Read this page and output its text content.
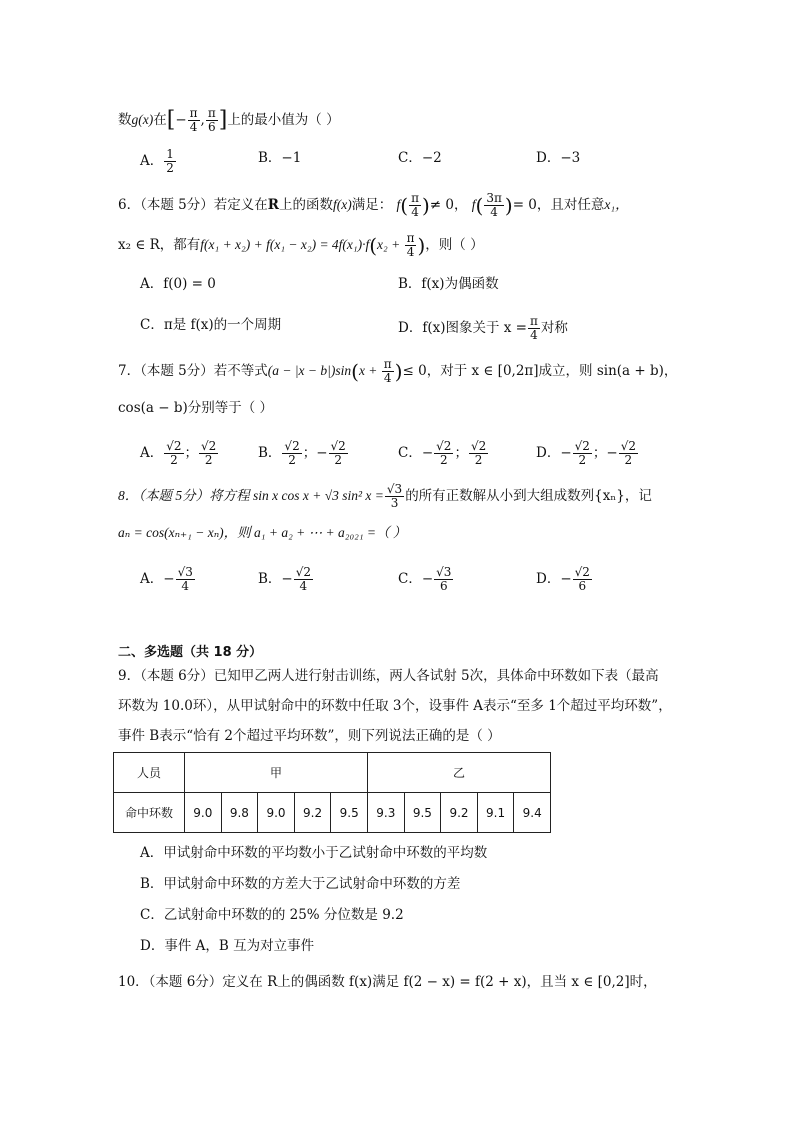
数g(x)在[− $\frac{\pi}{4}$ , $\frac{\pi}{6}$ ]上的最小值为（ ）
A． $\frac{1}{2}$	B．−1	C．−2	D．−3
6．（本题 5分）若定义在R上的函数f(x)满足： $f( \frac{\pi}{4}$ )≠ 0， $f( \frac{3\pi}{4}$ )= 0，且对任意x₁，
x₂ ∈ R，都有$f(x_1 + x_2) + f(x_1 - x_2) = 4f(x_1)\cdot f(x_2 + \frac{\pi}{4}$ )，则（ ）
A．f(0) = 0	B．f(x)为偶函数
C．π是 f(x)的一个周期	D．f(x)图象关于 $x = \frac{\pi}{4}$ 对称
7．（本题 5分）若不等式$(a - |x - b|)\sin(x + \frac{\pi}{4}$ )≤ 0，对于 x ∈ [0,2π]成立，则 sin(a + b)，
cos(a − b)分别等于（ ）
A． $\frac{√2}{2}$ ； $\frac{√2}{2}$	B． $\frac{√2}{2}$ ；− $\frac{√2}{2}$	C．− $\frac{√2}{2}$ ； $\frac{√2}{2}$	D．− $\frac{√2}{2}$ ；− $\frac{√2}{2}$
8．（本题 5分）将方程 sin x cos x + √3 sin² $x = \frac{√3}{3}$ 的所有正数解从小到大组成数列{xₙ}，记
aₙ = cos(xₙ₊₁ − xₙ)，则 a₁ + a₂ + ⋯ + a₂₀₂₁ =（ ）
A．− $\frac{√3}{4}$	B．− $\frac{√2}{4}$	C．− $\frac{√3}{6}$	D．− $\frac{√2}{6}$
二、多选题（共 18 分）
9．（本题 6分）已知甲乙两人进行射击训练，两人各试射 5次，具体命中环数如下表（最高
环数为 10.0环），从甲试射命中的环数中任取 3个，设事件 A表示“至多 1个超过平均环数”，
事件 B表示“恰有 2个超过平均环数”，则下列说法正确的是（ ）
人员	甲					乙				
命中环数	9.0	9.8	9.0	9.2	9.5	9.3	9.5	9.2	9.1	9.4
A．甲试射命中环数的平均数小于乙试射命中环数的平均数
B．甲试射命中环数的方差大于乙试射命中环数的方差
C．乙试射命中环数的的 25% 分位数是 9.2
D．事件 A，B 互为对立事件
10．（本题 6分）定义在 R上的偶函数 f(x)满足 f(2 − x) = f(2 + x)，且当 x ∈ [0,2]时，
